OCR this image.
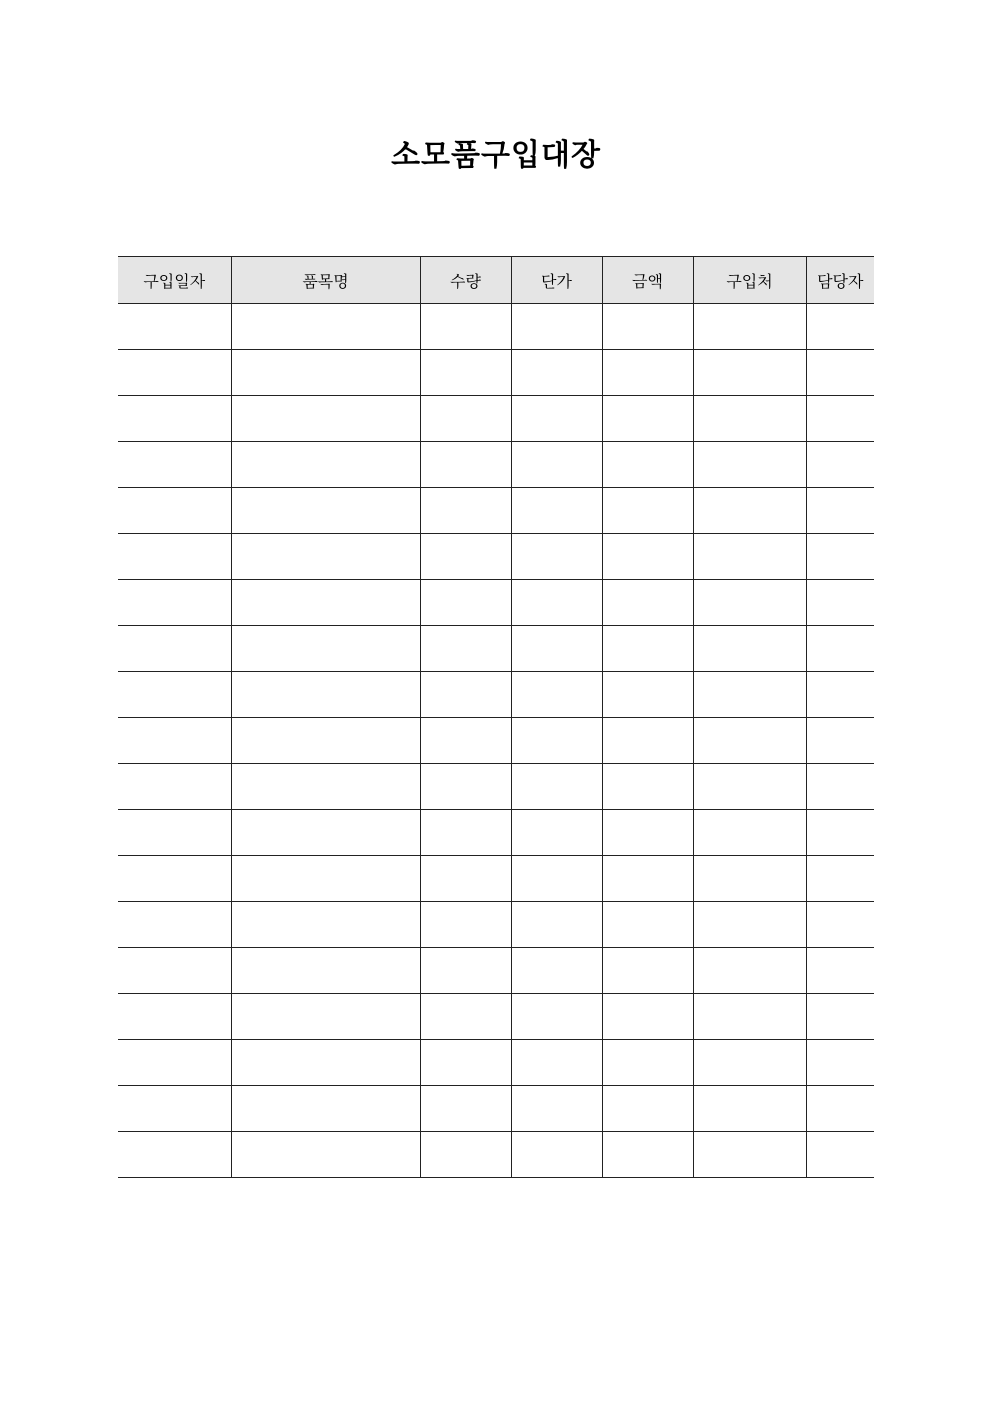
소모품구입대장
구입일자	품목명	수량	단가	금액	구입처	담당자
